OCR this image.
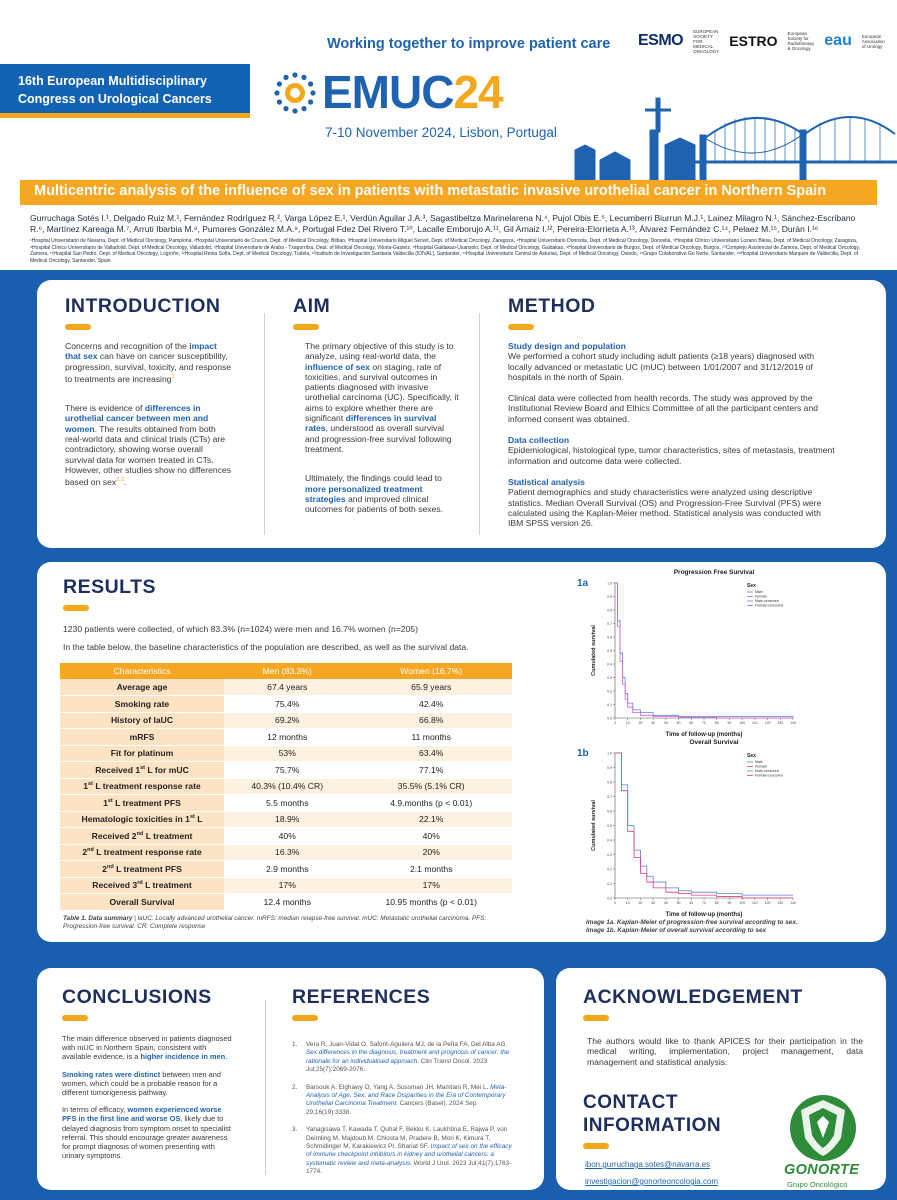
Working together to improve patient care ESMO
EUROPEAN SOCIETY FOR MEDICAL ONCOLOGY
ESTRO European Society for Radiotherapy & Oncology eau European Association of Urology
16th European Multidisciplinary
Congress on Urological Cancers	EMUC24
7-10 November 2024, Lisbon, Portugal
Multicentric analysis of the influence of sex in patients with metastatic invasive urothelial cancer in Northern Spain
Gurruchaga Sotés I.¹, Delgado Ruiz M.¹, Fernández Rodríguez R.², Varga López E.¹, Verdún Aguilar J.A.³, Sagastibeltza Marinelarena N.⁴, Pujol Obis E.⁵, Lecumberri Biurrun M.J.¹, Lainez Milagro N.¹, Sánchez-Escribano R.⁶, Martínez Kareaga M.⁷, Arruti Ibarbia M.⁸, Pumares González M.A.⁹, Portugal Fdez Del Rivero T.¹⁰, Lacalle Emborujo A.¹¹, Gil Arnaiz I.¹², Pereira-Elorrieta A.¹³, Álvarez Fernández C.¹⁴, Pelaez M.¹⁵, Durán I.¹⁶
¹Hospital Universitario de Navarra, Dept. of Medical Oncology, Pamplona, ²Hospital Universitario de Cruces, Dept. of Medical Oncology, Bilbao, ³Hospital Universitario Miguel Servet, Dept. of Medical Oncology, Zaragoza, ⁴Hospital Universitario Donostia, Dept. of Medical Oncology, Donostia, ⁵Hospital Clínico Universitario Lozano Blesa, Dept. of Medical Oncology, Zaragoza, ⁶Hospital Clínico Universitario de Valladolid, Dept. of Medical Oncology, Valladolid, ⁷Hospital Universitario de Araba - Txagorritxu, Dept. of Medical Oncology, Vitoria-Gasteiz, ⁸Hospital Galdakao-Usansolo, Dept. of Medical Oncology, Galdakao, ⁹Hospital Universitario de Burgos, Dept. of Medical Oncology, Burgos, ¹⁰Complejo Asistencial de Zamora, Dept. of Medical Oncology, Zamora, ¹¹Hospital San Pedro, Dept. of Medical Oncology, Logroño, ¹²Hospital Reina Sofía, Dept. of Medical Oncology, Tudela, ¹³Instituto de Investigación Sanitaria Valdecilla (IDIVAL), Santander, ¹⁴Hospital Universitario Central de Asturias, Dept. of Medical Oncology, Oviedo, ¹⁵Grupo Colaborativo Go Norte, Santander, ¹⁶Hospital Universitario Marqués de Valdecilla, Dept. of Medical Oncology, Santander, Spain
INTRODUCTION

Concerns and recognition of the impact that sex can have on cancer susceptibility, progression, survival, toxicity, and response to treatments are increasing$^1$

There is evidence of differences in urothelial cancer between men and women. The results obtained from both real-world data and clinical trials (CTs) are contradictory, showing worse overall survival data for women treated in CTs. However, other studies show no differences based on sex$^{2,3}$.

AIM

The primary objective of this study is to analyze, using real-world data, the influence of sex on staging, rate of toxicities, and survival outcomes in patients diagnosed with invasive urothelial carcinoma (UC). Specifically, it aims to explore whether there are significant differences in survival rates, understood as overall survival and progression-free survival following treatment.

Ultimately, the findings could lead to more personalized treatment strategies and improved clinical outcomes for patients of both sexes.

METHOD
Study design and population

We performed a cohort study including adult patients (≥18 years) diagnosed with locally advanced or metastatic UC (mUC) between 1/01/2007 and 31/12/2019 of hospitals in the north of Spain.

Clinical data were collected from health records. The study was approved by the Institutional Review Board and Ethics Committee of all the participant centers and informed consent was obtained.

Data collection

Epidemiological, histological type, tumor characteristics, sites of metastasis, treatment information and outcome data were collected.

Statistical analysis

Patient demographics and study characteristics were analyzed using descriptive statistics. Median Overall Survival (OS) and Progression-Free Survival (PFS) were calculated using the Kaplan-Meier method. Statistical analysis was conducted with IBM SPSS version 26.

RESULTS
1230 patients were collected, of which 83.3% (n=1024) were men and 16.7% women (n=205)
In the table below, the baseline characteristics of the population are described, as well as the survival data.
Characteristics	Men (83.3%)	Women (16.7%)
Average age	67.4 years	65.9 years
Smoking rate	75.4%	42.4%
History of laUC	69.2%	66.8%
mRFS	12 months	11 months
Fit for platinum	53%	63.4%
Received 1st L for mUC	75.7%	77.1%
1st L treatment response rate	40.3% (10.4% CR)	35.5% (5.1% CR)
1st L treatment PFS	5.5 months	4.9.months (p < 0.01)
Hematologic toxicities in 1st L	18.9%	22.1%
Received 2nd L treatment	40%	40%
2nd L treatment response rate	16.3%	20%
2nd L treatment PFS	2.9 months	2.1 months
Received 3rd L treatment	17%	17%
Overall Survival	12.4 months	10.95 months (p < 0.01)
Table 1. Data summary | laUC: Locally advanced urothelial cancer. mRFS: median relapse-free survival. mUC: Metastatic urothelial carcinoma. PFS: Progression-free survival. CR: Complete response
1a
Progression Free Survival
0.0
0.1
0.2
0.3
0.4
0.5
0.6
0.7
0.8
0.9
1.0
0	10	20	30	40	50	60	70	80	90 100 110 120 130 140
Time of follow-up (months)
Cumulated survival
Sex
Male
Female
Male-censored
Female-censored
1b
Overall Survival
0.0
0.1
0.2
0.3
0.4
0.5
0.6
0.7
0.8
0.9
1.0
0	10	20	30	40	50	60	70	80	90 100 110 120 130 140
Time of follow-up (months)
Cumulated survival
Sex
Male
Female
Male-censored
Female-censored
Image 1a. Kaplan-Meier of progression-free survival according to sex.
Image 1b. Kaplan-Meier of overall survival according to sex
CONCLUSIONS

The main difference observed in patients diagnosed with mUC in Northern Spain, consistent with available evidence, is a higher incidence in men.

Smoking rates were distinct between men and women, which could be a probable reason for a different tumorigenesis pathway.

In terms of efficacy, women experienced worse PFS in the first line and worse OS, likely due to delayed diagnosis from symptom onset to specialist referral. This should encourage greater awareness for prompt diagnosis of women presenting with urinary symptoms.

REFERENCES
1.	Vera R, Juan-Vidal O, Safont-Aguilera MJ, de la Peña FA, Del Alba AG. Sex differences in the diagnosis, treatment and prognosis of cancer: the rationale for an individualised approach. Clin Transl Oncol. 2023 Jul;25(7):2069-2076.
2.	Barsouk A, Elghawy O, Yang A, Sussman JH, Mamtani R, Mei L. Meta-Analysis of Age, Sex, and Race Disparities in the Era of Contemporary Urothelial Carcinoma Treatment. Cancers (Basel). 2024 Sep 29;16(19):3338.
3.	Yanagisawa T, Kawada T, Quhal F, Bekku K, Laukhtina E, Rajwa P, von Deimling M, Majdoub M, Chlosta M, Pradere B, Mori K, Kimura T, Schmidinger M, Karakiewicz PI, Shariat SF. Impact of sex on the efficacy of immune checkpoint inhibitors in kidney and urothelial cancers: a systematic review and meta-analysis. World J Urol. 2023 Jul;41(7):1763-1774.
ACKNOWLEDGEMENT
The authors would like to thank APICES for their participation in the medical writing, implementation, project management, data management and statistical analysis.
CONTACT
INFORMATION
ibon.gurruchaga.sotes@navarra.es
investigacion@gonorteoncologia.com
GONORTE
Grupo Oncológico
